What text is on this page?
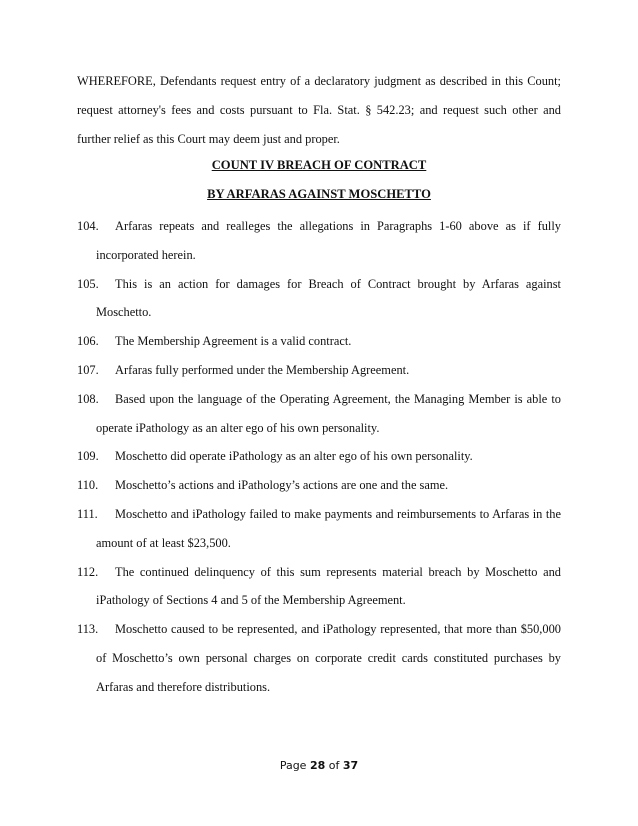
WHEREFORE, Defendants request entry of a declaratory judgment as described in this Count; request attorney's fees and costs pursuant to Fla. Stat. § 542.23; and request such other and further relief as this Court may deem just and proper.

COUNT IV BREACH OF CONTRACT

BY ARFARAS AGAINST MOSCHETTO

104. Arfaras repeats and realleges the allegations in Paragraphs 1-60 above as if fully incorporated herein.

105. This is an action for damages for Breach of Contract brought by Arfaras against Moschetto.

106. The Membership Agreement is a valid contract.

107. Arfaras fully performed under the Membership Agreement.

108. Based upon the language of the Operating Agreement, the Managing Member is able to operate iPathology as an alter ego of his own personality.

109. Moschetto did operate iPathology as an alter ego of his own personality.

110. Moschetto’s actions and iPathology’s actions are one and the same.

111. Moschetto and iPathology failed to make payments and reimbursements to Arfaras in the amount of at least $23,500.

112. The continued delinquency of this sum represents material breach by Moschetto and iPathology of Sections 4 and 5 of the Membership Agreement.

113. Moschetto caused to be represented, and iPathology represented, that more than $50,000 of Moschetto’s own personal charges on corporate credit cards constituted purchases by Arfaras and therefore distributions.

Page 28 of 37
